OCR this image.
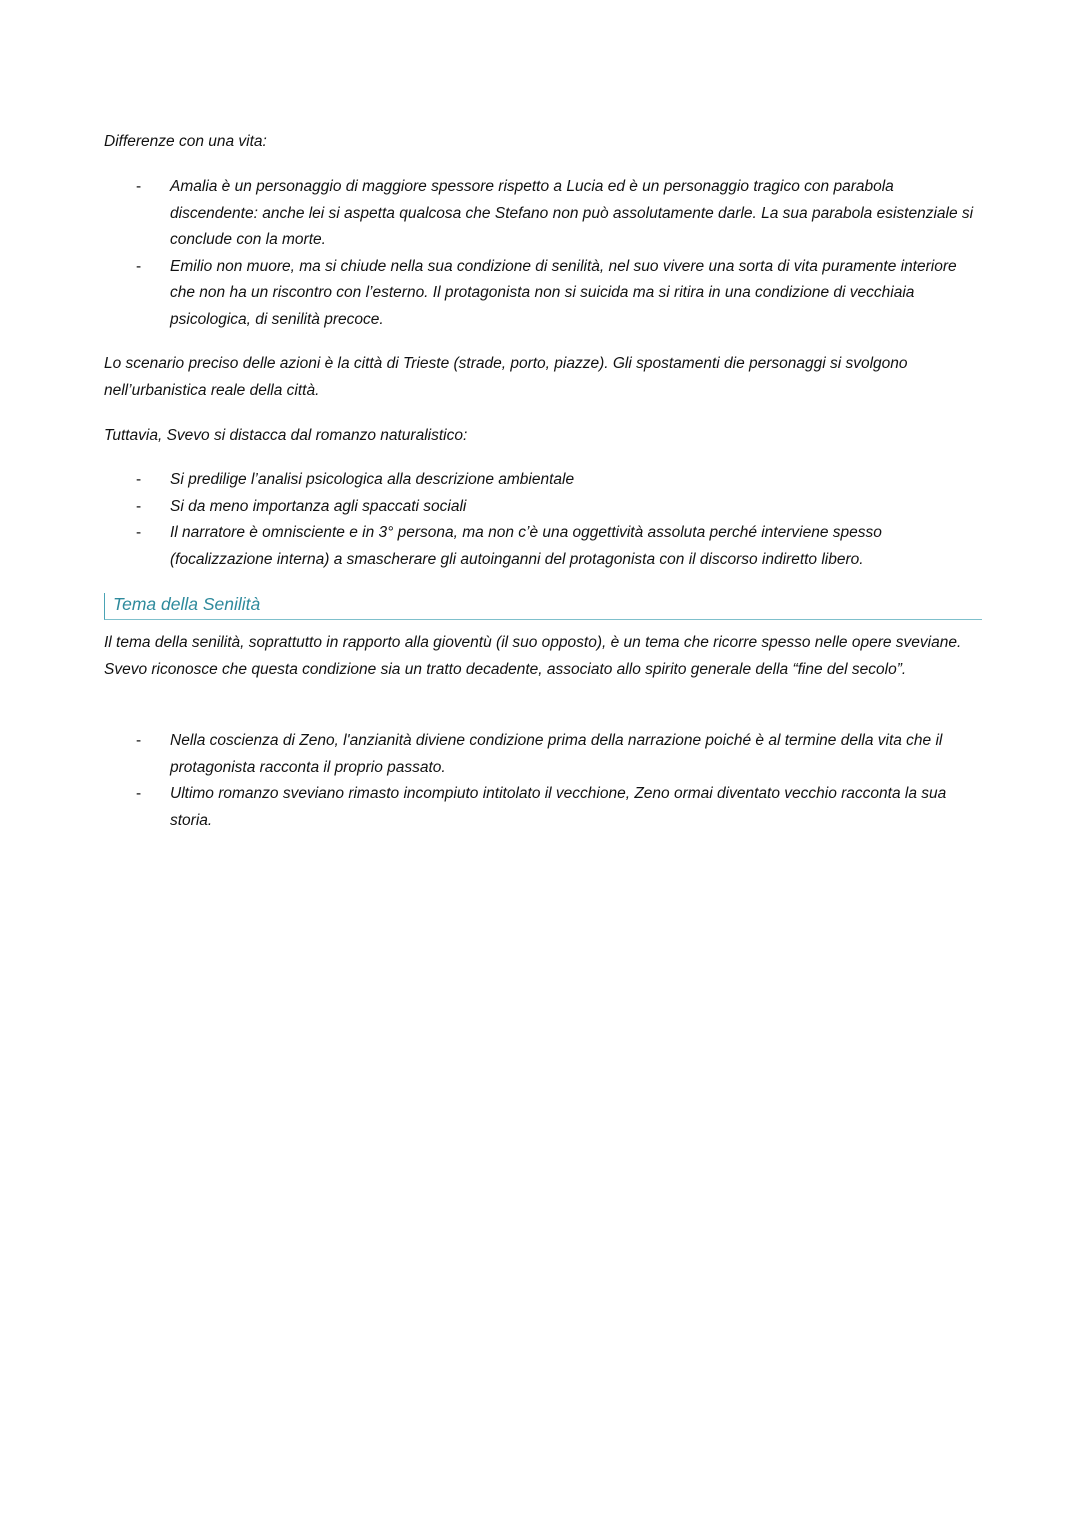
Differenze con una vita:

- Amalia è un personaggio di maggiore spessore rispetto a Lucia ed è un personaggio tragico con parabola discendente: anche lei si aspetta qualcosa che Stefano non può assolutamente darle. La sua parabola esistenziale si conclude con la morte.
- Emilio non muore, ma si chiude nella sua condizione di senilità, nel suo vivere una sorta di vita puramente interiore che non ha un riscontro con l’esterno. Il protagonista non si suicida ma si ritira in una condizione di vecchiaia psicologica, di senilità precoce.

Lo scenario preciso delle azioni è la città di Trieste (strade, porto, piazze). Gli spostamenti die personaggi si svolgono nell’urbanistica reale della città.

Tuttavia, Svevo si distacca dal romanzo naturalistico:

- Si predilige l’analisi psicologica alla descrizione ambientale
- Si da meno importanza agli spaccati sociali
- Il narratore è omnisciente e in 3° persona, ma non c’è una oggettività assoluta perché interviene spesso (focalizzazione interna) a smascherare gli autoinganni del protagonista con il discorso indiretto libero.
Tema della Senilità

Il tema della senilità, soprattutto in rapporto alla gioventù (il suo opposto), è un tema che ricorre spesso nelle opere sveviane. Svevo riconosce che questa condizione sia un tratto decadente, associato allo spirito generale della “fine del secolo”.

- Nella coscienza di Zeno, l'anzianità diviene condizione prima della narrazione poiché è al termine della vita che il protagonista racconta il proprio passato.
- Ultimo romanzo sveviano rimasto incompiuto intitolato il vecchione, Zeno ormai diventato vecchio racconta la sua storia.
